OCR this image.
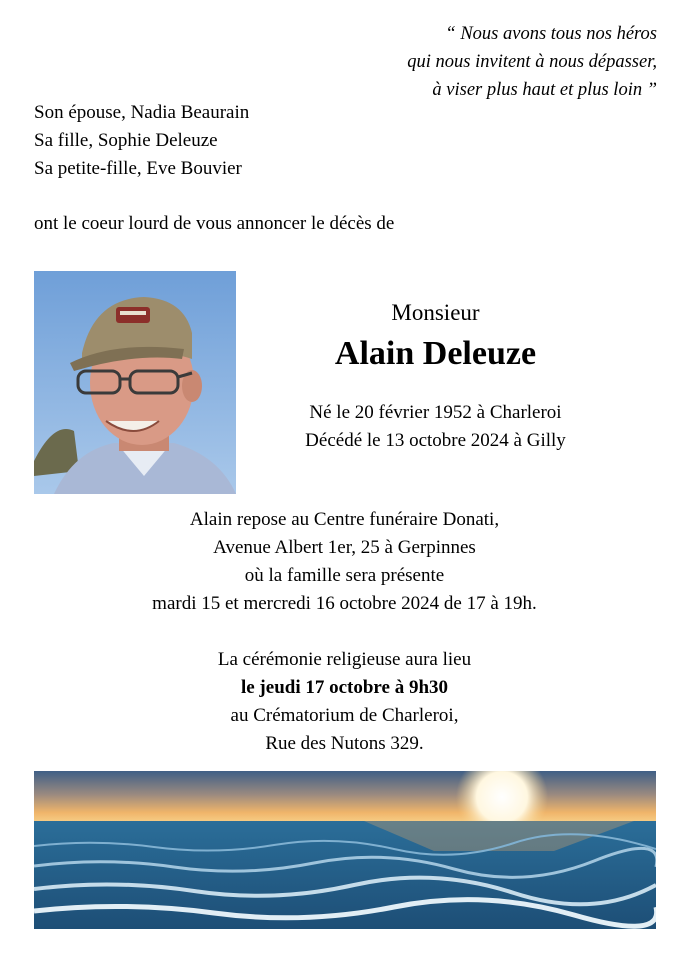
“ Nous avons tous nos héros
qui nous invitent à nous dépasser,
à viser plus haut et plus loin ”
Son épouse, Nadia Beaurain
Sa fille, Sophie Deleuze
Sa petite-fille, Eve Bouvier
ont le coeur lourd de vous annoncer le décès de
Monsieur
Alain Deleuze
Né le 20 février 1952 à Charleroi
Décédé le 13 octobre 2024 à Gilly
Alain repose au Centre funéraire Donati,
Avenue Albert 1er, 25 à Gerpinnes
où la famille sera présente
mardi 15 et mercredi 16 octobre 2024 de 17 à 19h.
La cérémonie religieuse aura lieu
le jeudi 17 octobre à 9h30
au Crématorium de Charleroi,
Rue des Nutons 329.
